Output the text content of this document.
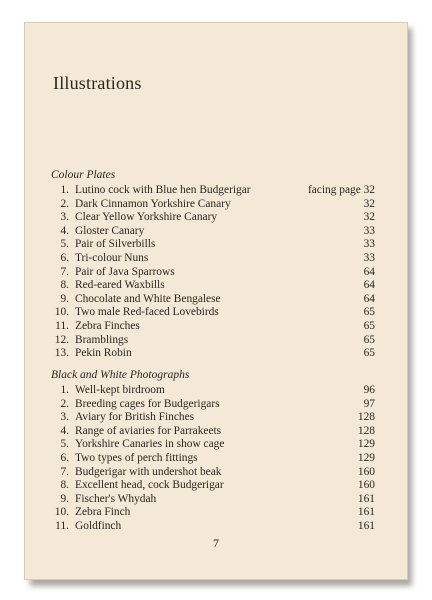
Illustrations
Colour Plates
1. Lutino cock with Blue hen Budgerigar	facing page 32
2. Dark Cinnamon Yorkshire Canary	32
3. Clear Yellow Yorkshire Canary	32
4. Gloster Canary	33
5. Pair of Silverbills	33
6. Tri-colour Nuns	33
7. Pair of Java Sparrows	64
8. Red-eared Waxbills	64
9. Chocolate and White Bengalese	64
10. Two male Red-faced Lovebirds	65
11. Zebra Finches	65
12. Bramblings	65
13. Pekin Robin	65
Black and White Photographs
1. Well-kept birdroom	96
2. Breeding cages for Budgerigars	97
3. Aviary for British Finches	128
4. Range of aviaries for Parrakeets	128
5. Yorkshire Canaries in show cage	129
6. Two types of perch fittings	129
7. Budgerigar with undershot beak	160
8. Excellent head, cock Budgerigar	160
9. Fischer's Whydah	161
10. Zebra Finch	161
11. Goldfinch	161
7
